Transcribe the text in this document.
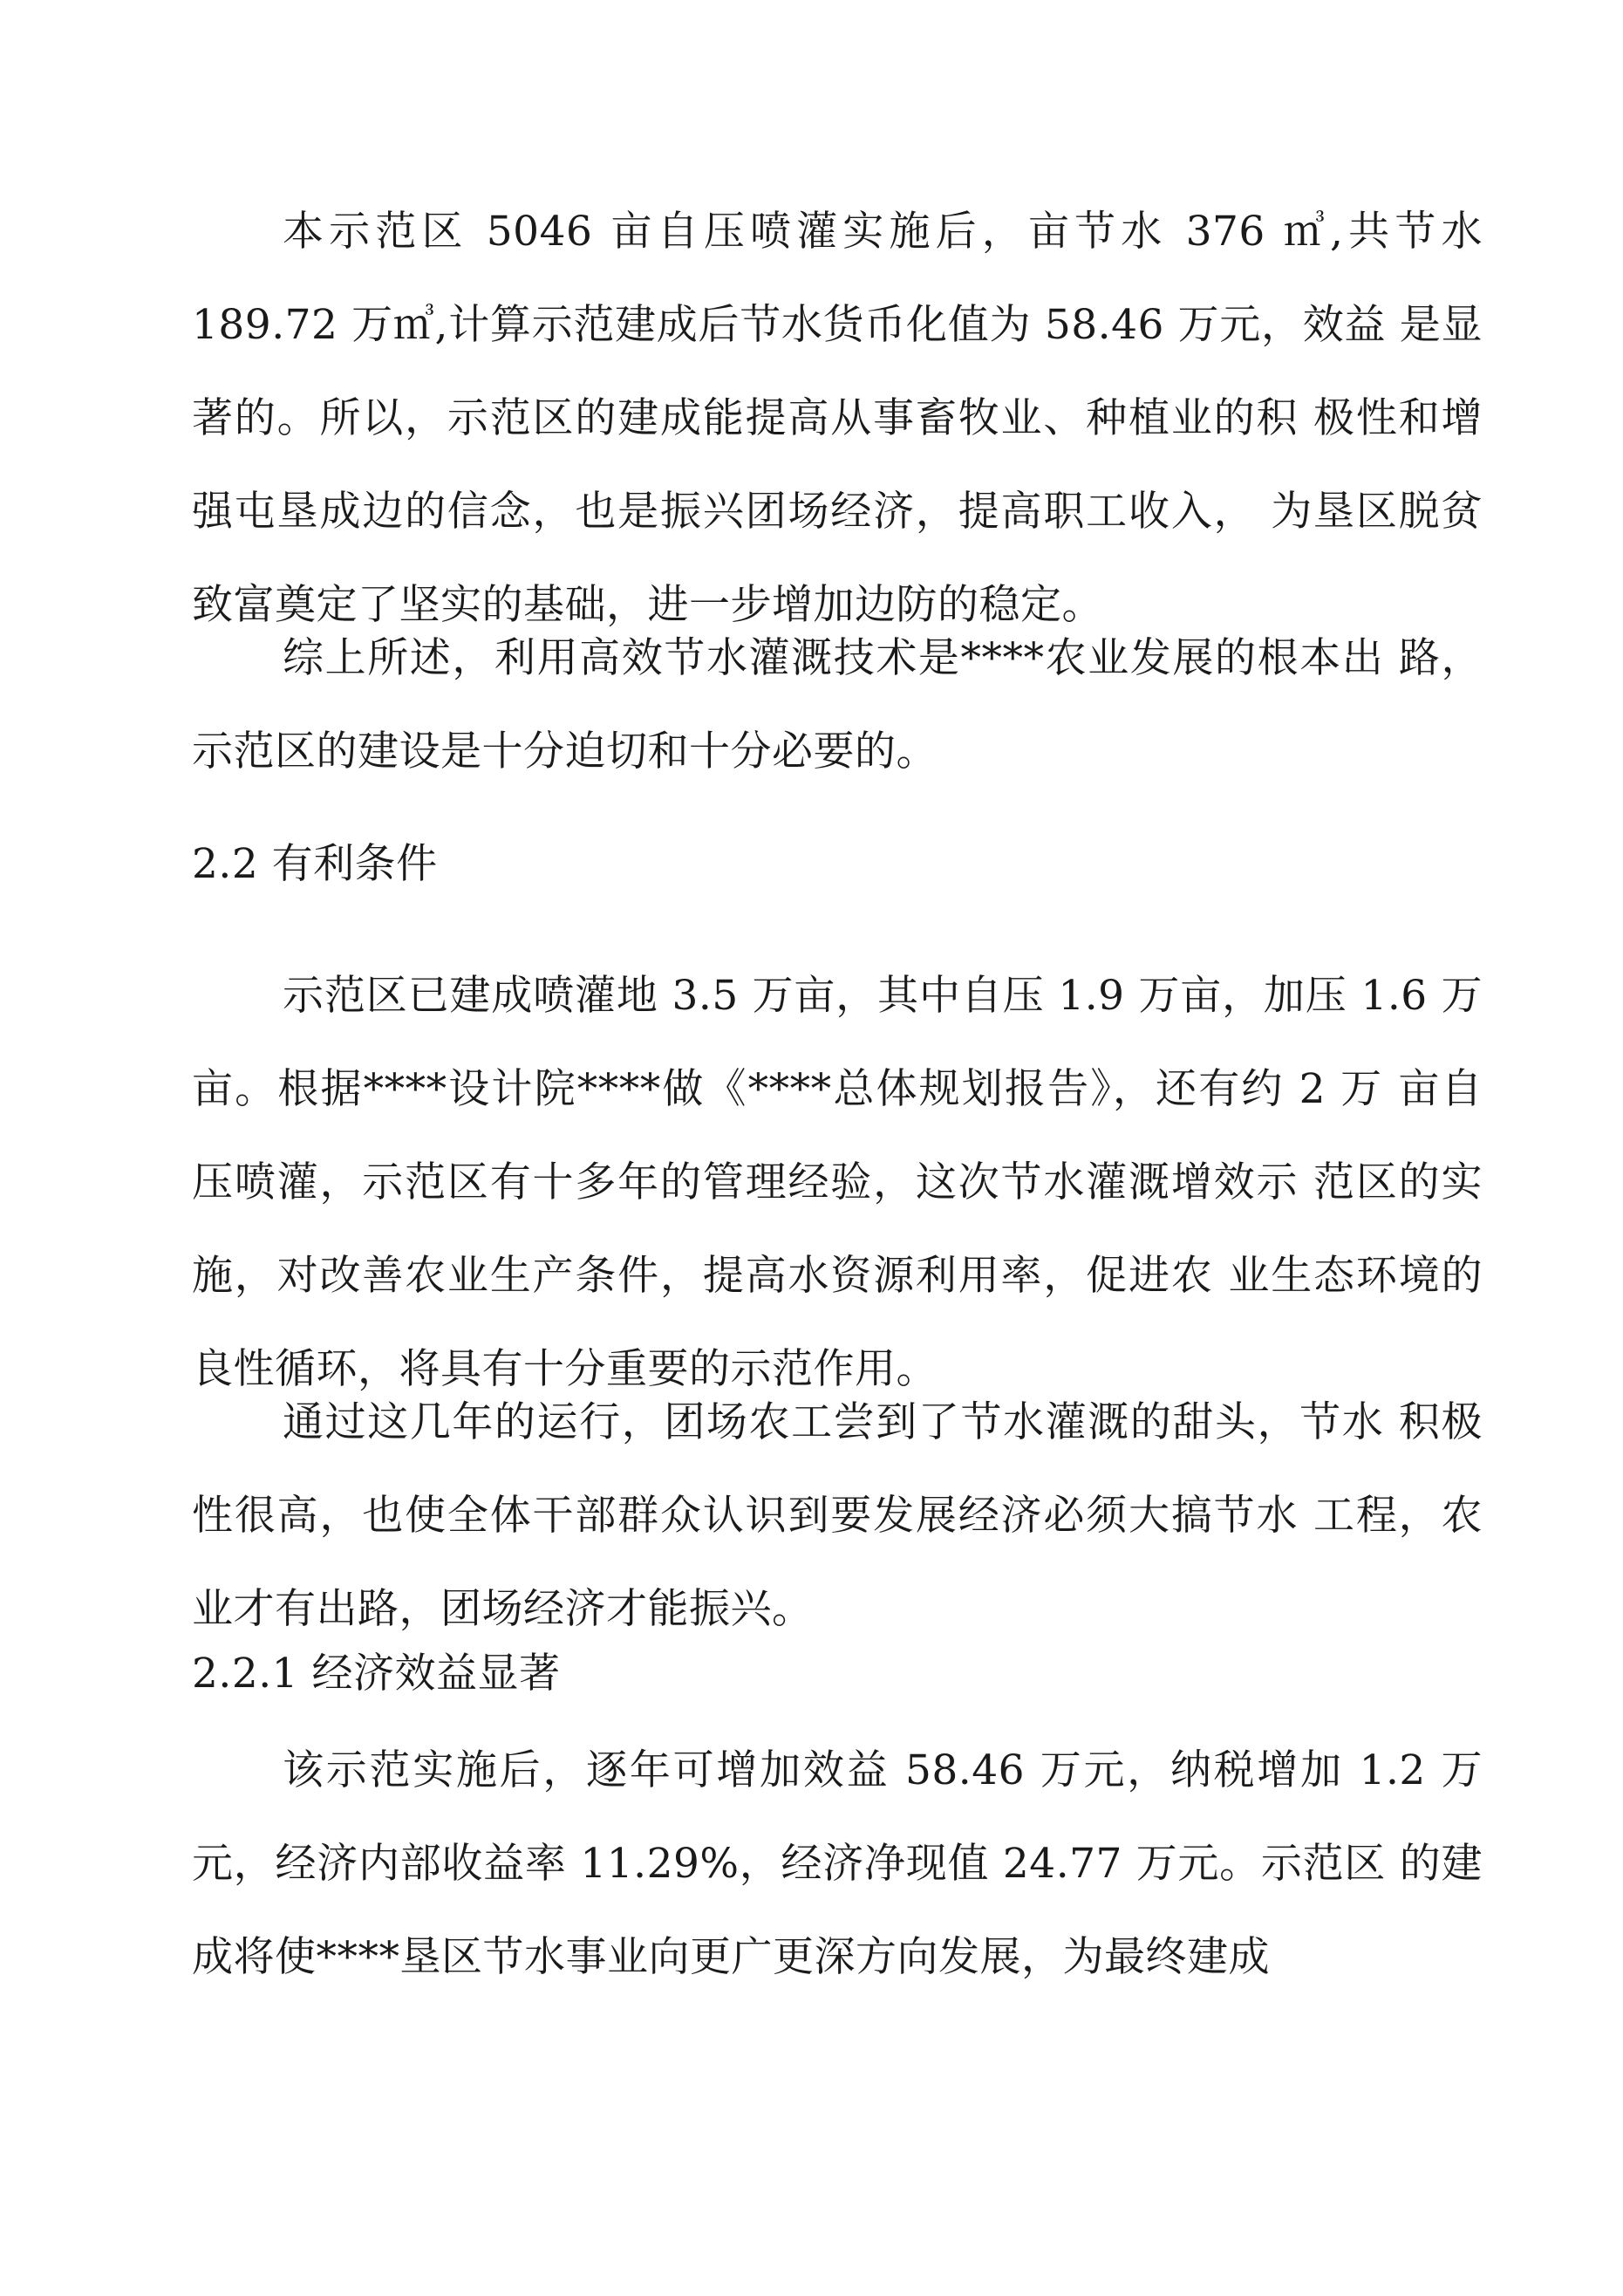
本示范区 5046 亩自压喷灌实施后，亩节水 376 ㎥,共节水 189.72 万㎥,计算示范建成后节水货币化值为 58.46 万元，效益 是显著的。所以，示范区的建成能提高从事畜牧业、种植业的积 极性和增强屯垦成边的信念，也是振兴团场经济，提高职工收入， 为垦区脱贫致富奠定了坚实的基础，进一步增加边防的稳定。

综上所述，利用高效节水灌溉技术是****农业发展的根本出 路，示范区的建设是十分迫切和十分必要的。

2.2 有利条件

示范区已建成喷灌地 3.5 万亩，其中自压 1.9 万亩，加压 1.6 万亩。根据****设计院****做《****总体规划报告》，还有约 2 万 亩自压喷灌，示范区有十多年的管理经验，这次节水灌溉增效示 范区的实施，对改善农业生产条件，提高水资源利用率，促进农 业生态环境的良性循环，将具有十分重要的示范作用。

通过这几年的运行，团场农工尝到了节水灌溉的甜头，节水 积极性很高，也使全体干部群众认识到要发展经济必须大搞节水 工程，农业才有出路，团场经济才能振兴。

2.2.1 经济效益显著

该示范实施后，逐年可增加效益 58.46 万元，纳税增加 1.2 万元，经济内部收益率 11.29%，经济净现值 24.77 万元。示范区 的建成将使****垦区节水事业向更广更深方向发展，为最终建成
